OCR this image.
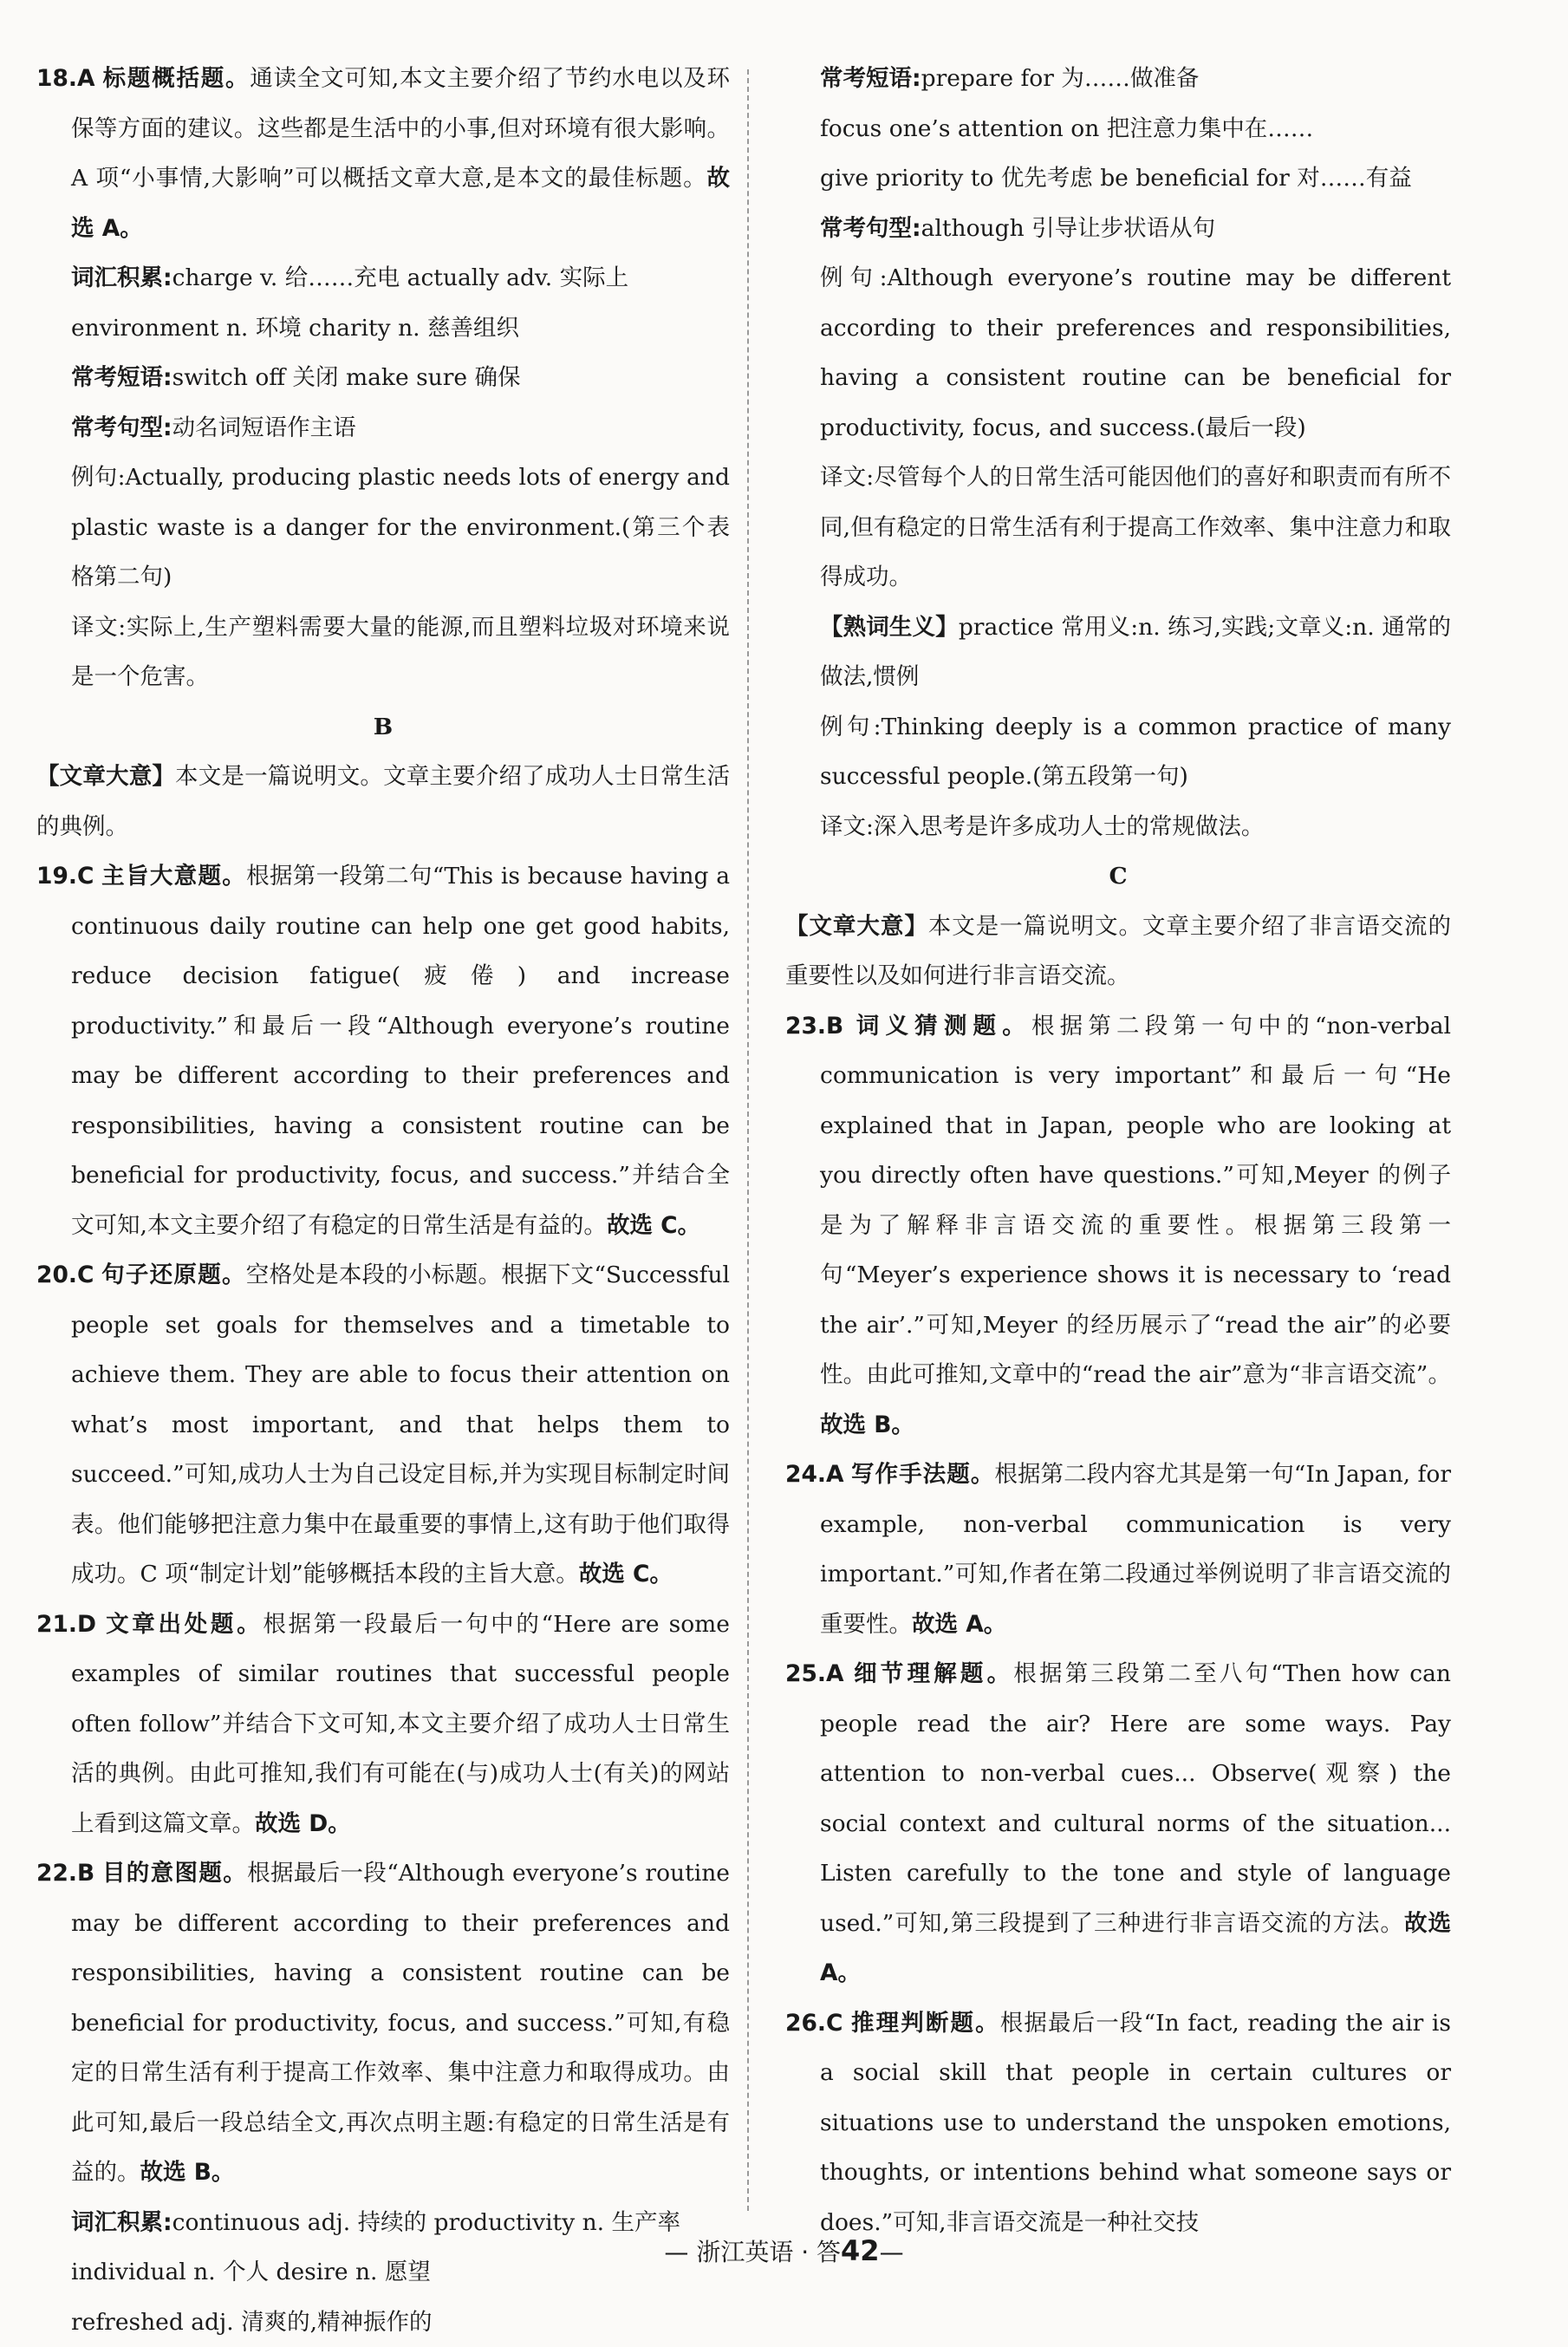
18.A 标题概括题。通读全文可知,本文主要介绍了节约水电以及环保等方面的建议。这些都是生活中的小事,但对环境有很大影响。A 项“小事情,大影响”可以概括文章大意,是本文的最佳标题。故选 A。

词汇积累:charge v. 给……充电 actually adv. 实际上

environment n. 环境 charity n. 慈善组织

常考短语:switch off 关闭 make sure 确保

常考句型:动名词短语作主语

例句:Actually, producing plastic needs lots of energy and plastic waste is a danger for the environment.(第三个表格第二句)

译文:实际上,生产塑料需要大量的能源,而且塑料垃圾对环境来说是一个危害。

B

【文章大意】本文是一篇说明文。文章主要介绍了成功人士日常生活的典例。

19.C 主旨大意题。根据第一段第二句“This is because having a continuous daily routine can help one get good habits, reduce decision fatigue(疲倦) and increase productivity.”和最后一段“Although everyone’s routine may be different according to their preferences and responsibilities, having a consistent routine can be beneficial for productivity, focus, and success.”并结合全文可知,本文主要介绍了有稳定的日常生活是有益的。故选 C。

20.C 句子还原题。空格处是本段的小标题。根据下文“Successful people set goals for themselves and a timetable to achieve them. They are able to focus their attention on what’s most important, and that helps them to succeed.”可知,成功人士为自己设定目标,并为实现目标制定时间表。他们能够把注意力集中在最重要的事情上,这有助于他们取得成功。C 项“制定计划”能够概括本段的主旨大意。故选 C。

21.D 文章出处题。根据第一段最后一句中的“Here are some examples of similar routines that successful people often follow”并结合下文可知,本文主要介绍了成功人士日常生活的典例。由此可推知,我们有可能在(与)成功人士(有关)的网站上看到这篇文章。故选 D。

22.B 目的意图题。根据最后一段“Although everyone’s routine may be different according to their preferences and responsibilities, having a consistent routine can be beneficial for productivity, focus, and success.”可知,有稳定的日常生活有利于提高工作效率、集中注意力和取得成功。由此可知,最后一段总结全文,再次点明主题:有稳定的日常生活是有益的。故选 B。

词汇积累:continuous adj. 持续的 productivity n. 生产率

individual n. 个人 desire n. 愿望

refreshed adj. 清爽的,精神振作的

常考短语:prepare for 为……做准备

focus one’s attention on 把注意力集中在……

give priority to 优先考虑 be beneficial for 对……有益

常考句型:although 引导让步状语从句

例句:Although everyone’s routine may be different according to their preferences and responsibilities, having a consistent routine can be beneficial for productivity, focus, and success.(最后一段)

译文:尽管每个人的日常生活可能因他们的喜好和职责而有所不同,但有稳定的日常生活有利于提高工作效率、集中注意力和取得成功。

【熟词生义】practice 常用义:n. 练习,实践;文章义:n. 通常的做法,惯例

例句:Thinking deeply is a common practice of many successful people.(第五段第一句)

译文:深入思考是许多成功人士的常规做法。

C

【文章大意】本文是一篇说明文。文章主要介绍了非言语交流的重要性以及如何进行非言语交流。

23.B 词义猜测题。根据第二段第一句中的“non-verbal communication is very important”和最后一句“He explained that in Japan, people who are looking at you directly often have questions.”可知,Meyer 的例子是为了解释非言语交流的重要性。根据第三段第一句“Meyer’s experience shows it is necessary to ‘read the air’.”可知,Meyer 的经历展示了“read the air”的必要性。由此可推知,文章中的“read the air”意为“非言语交流”。故选 B。

24.A 写作手法题。根据第二段内容尤其是第一句“In Japan, for example, non-verbal communication is very important.”可知,作者在第二段通过举例说明了非言语交流的重要性。故选 A。

25.A 细节理解题。根据第三段第二至八句“Then how can people read the air? Here are some ways. Pay attention to non-verbal cues... Observe(观察) the social context and cultural norms of the situation... Listen carefully to the tone and style of language used.”可知,第三段提到了三种进行非言语交流的方法。故选 A。

26.C 推理判断题。根据最后一段“In fact, reading the air is a social skill that people in certain cultures or situations use to understand the unspoken emotions, thoughts, or intentions behind what someone says or does.”可知,非言语交流是一种社交技

— 浙江英语 · 答42—
